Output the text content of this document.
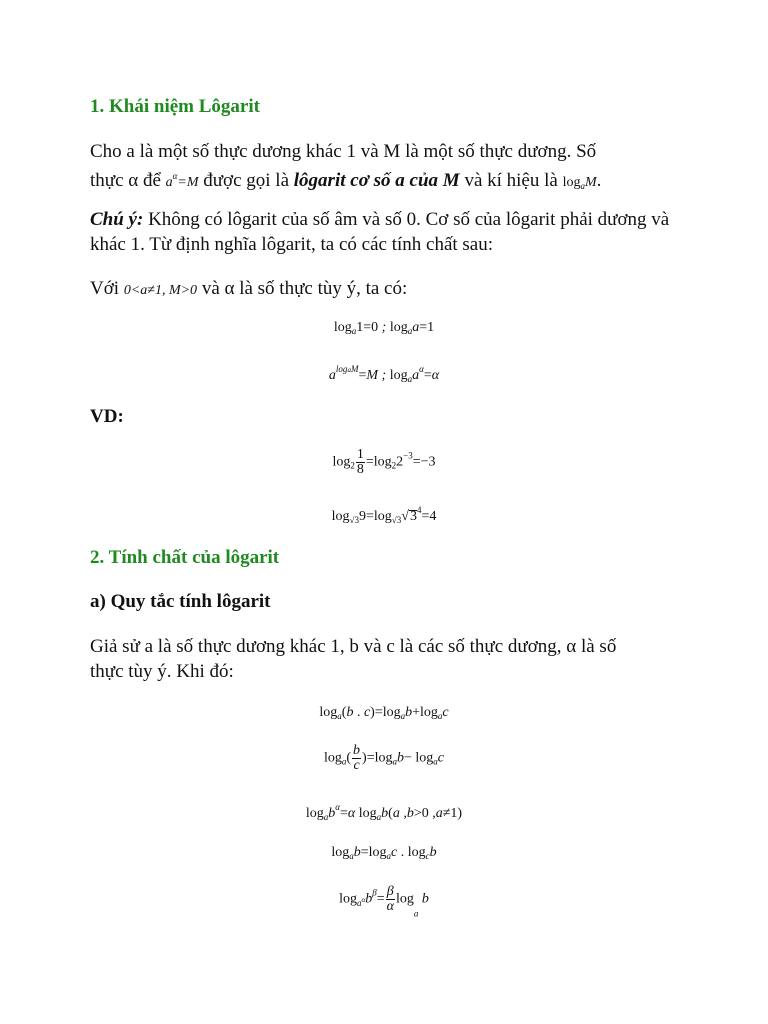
1. Khái niệm Lôgarit
Cho a là một số thực dương khác 1 và M là một số thực dương. Số
thực α để $a^\alpha=M$ được gọi là lôgarit cơ số a của M và kí hiệu là $\log_aM$.
Chú ý: Không có lôgarit của số âm và số 0. Cơ số của lôgarit phải dương và khác 1. Từ định nghĩa lôgarit, ta có các tính chất sau:
Với 0<a≠1, M>0 và α là số thực tùy ý, ta có:
$\log_a1=0$ ; $\log_aa=1$
$a^{logaM}=M$ ; $\log_aa^\alpha=\alpha$
VD:
$\log_2 \frac{1}{8} =\log_22^{-3}=-3$
$\log_{√3}9=\log_{√3}√3^4=4$
2. Tính chất của lôgarit
a) Quy tắc tính lôgarit
Giả sử a là số thực dương khác 1, b và c là các số thực dương, α là số
thực tùy ý. Khi đó:
$\log_a(b$ . $c)=\log_ab+\log_ac$
$\log_a( \frac{b}{c} )=\log_ab- \log_ac$
$\log_ab^\alpha=\alpha$ $\log_ab(a$ ,b>0 ,a≠1)
$\log_ab=\log_ac$ . $\log_cb$
$\log_{a^\alpha}b^\beta= \frac{\beta}{\alpha} \log_a b$
